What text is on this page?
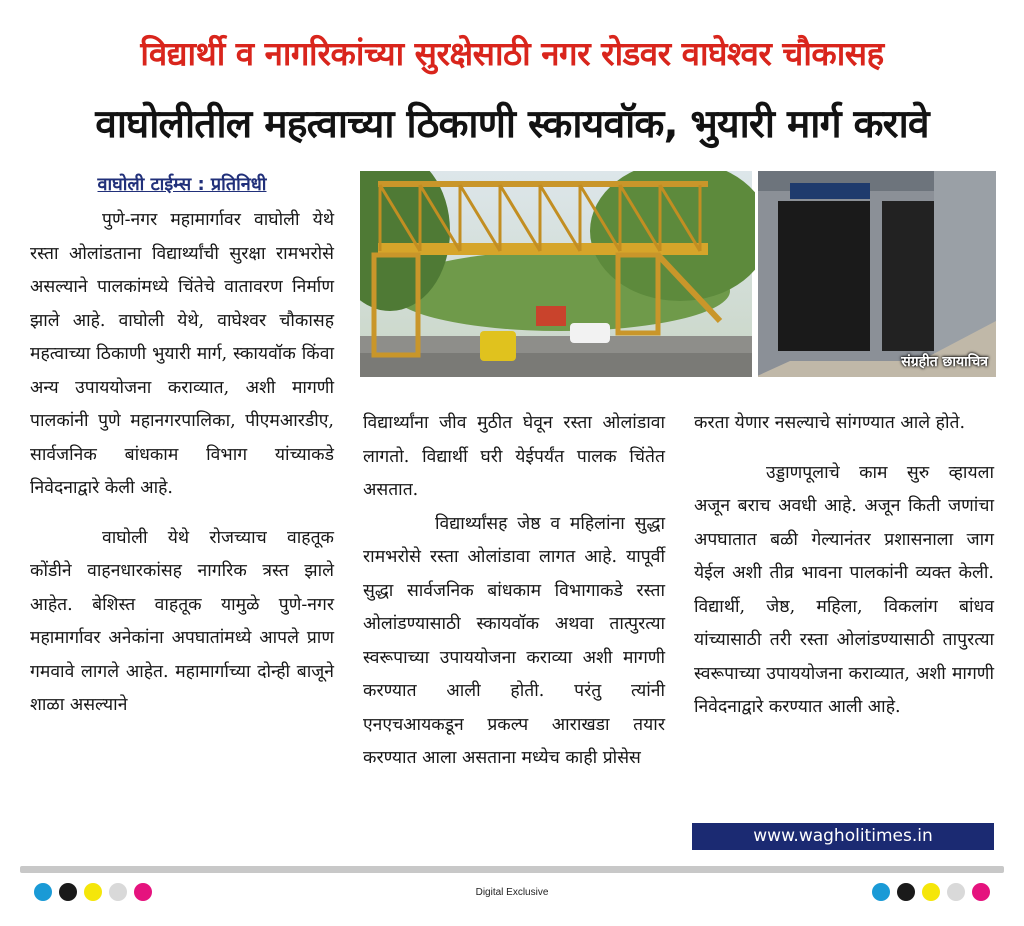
विद्यार्थी व नागरिकांच्या सुरक्षेसाठी नगर रोडवर वाघेश्वर चौकासह
वाघोलीतील महत्वाच्या ठिकाणी स्कायवॉक, भुयारी मार्ग करावे
वाघोली टाईम्स : प्रतिनिधी

पुणे-नगर महामार्गावर वाघोली येथे रस्ता ओलांडताना विद्यार्थ्यांची सुरक्षा रामभरोसे असल्याने पालकांमध्ये चिंतेचे वातावरण निर्माण झाले आहे. वाघोली येथे, वाघेश्वर चौकासह महत्वाच्या ठिकाणी भुयारी मार्ग, स्कायवॉक किंवा अन्य उपाययोजना कराव्यात, अशी मागणी पालकांनी पुणे महानगरपालिका, पीएमआरडीए, सार्वजनिक बांधकाम विभाग यांच्याकडे निवेदनाद्वारे केली आहे.

वाघोली येथे रोजच्याच वाहतूक कोंडीने वाहनधारकांसह नागरिक त्रस्त झाले आहेत. बेशिस्त वाहतूक यामुळे पुणे-नगर महामार्गावर अनेकांना अपघातांमध्ये आपले प्राण गमवावे लागले आहेत. महामार्गाच्या दोन्ही बाजूने शाळा असल्याने

संग्रहीत छायाचित्र

विद्यार्थ्यांना जीव मुठीत घेवून रस्ता ओलांडावा लागतो. विद्यार्थी घरी येईपर्यंत पालक चिंतेत असतात.

विद्यार्थ्यांसह जेष्ठ व महिलांना सुद्धा रामभरोसे रस्ता ओलांडावा लागत आहे. यापूर्वी सुद्धा सार्वजनिक बांधकाम विभागाकडे रस्ता ओलांडण्यासाठी स्कायवॉक अथवा तात्पुरत्या स्वरूपाच्या उपाययोजना कराव्या अशी मागणी करण्यात आली होती. परंतु त्यांनी एनएचआयकडून प्रकल्प आराखडा तयार करण्यात आला असताना मध्येच काही प्रोसेस

करता येणार नसल्याचे सांगण्यात आले होते.

उड्डाणपूलाचे काम सुरु व्हायला अजून बराच अवधी आहे. अजून किती जणांचा अपघातात बळी गेल्यानंतर प्रशासनाला जाग येईल अशी तीव्र भावना पालकांनी व्यक्त केली. विद्यार्थी, जेष्ठ, महिला, विकलांग बांधव यांच्यासाठी तरी रस्ता ओलांडण्यासाठी तापुरत्या स्वरूपाच्या उपाययोजना कराव्यात, अशी मागणी निवेदनाद्वारे करण्यात आली आहे.

www.wagholitimes.in
Digital Exclusive
